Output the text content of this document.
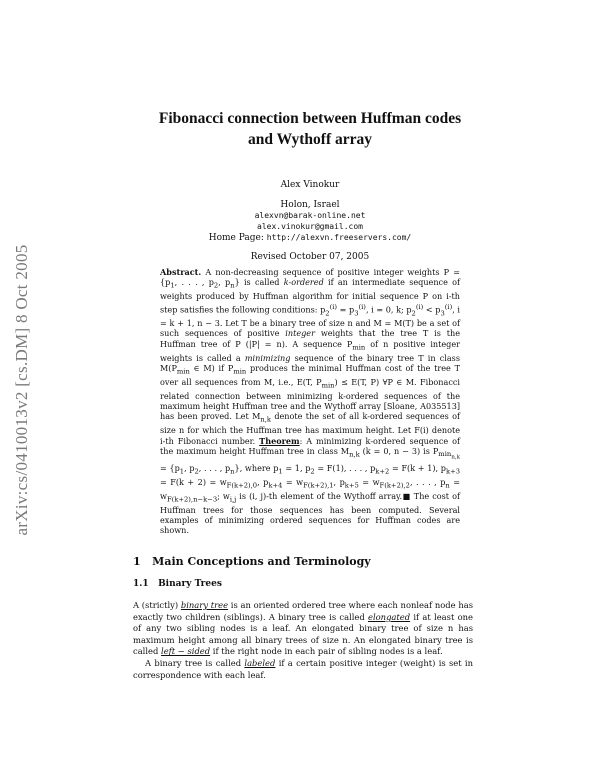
arXiv:cs/0410013v2 [cs.DM] 8 Oct 2005
Fibonacci connection between Huffman codes
and Wythoff array
Alex Vinokur
Holon, Israel
alexvn@barak-online.net
alex.vinokur@gmail.com
Home Page: http://alexvn.freeservers.com/
Revised October 07, 2005
Abstract. A non-decreasing sequence of positive integer weights $P = \{p_1$, . . . , $p_2$, $p_n$} is called k-ordered if an intermediate sequence of weights produced by Huffman algorithm for initial sequence P on i-th step satisfies the following conditions: $p_2^{(i)} = p_3^{(i)}$, i = 0, k; $p_2^{(i)} < p_3^{(i)}$, i = k + 1, n − 3. Let T be a binary tree of size n and M = M(T) be a set of such sequences of positive integer weights that the tree T is the Huffman tree of P (|P| = n). A sequence $P_{min}$ of n positive integer weights is called a minimizing sequence of the binary tree T in class $M(P_{min}$ ∈ M) if $P_{min}$ produces the minimal Huffman cost of the tree T over all sequences from M, i.e., E(T, $P_{min}) \le E(T$, P) ∀P ∈ M. Fibonacci related connection between minimizing k-ordered sequences of the maximum height Huffman tree and the Wythoff array [Sloane, A035513] has been proved. Let $M_{n,k}$ denote the set of all k-ordered sequences of size n for which the Huffman tree has maximum height. Let F(i) denote i-th Fibonacci number. Theorem: A minimizing k-ordered sequence of the maximum height Huffman tree in class $M_{n,k}$ (k = 0, n − 3) is $P_{min_{n,k}} = \{p_1$, $p_2$, . . . , $p_n$}, where $p_1 = 1$, $p_2 = F(1)$, . . . , $p_{k+2} = F(k + 1)$, $p_{k+3} = F(k + 2) = w_{F(k+2),0}$, $p_{k+4} = w_{F(k+2),1}$, $p_{k+5} = w_{F(k+2),2}$, . . . , $p_n = w_{F(k+2),n-k-3}$; $w_{i,j}$ is (i, j)-th element of the Wythoff array.■ The cost of Huffman trees for those sequences has been computed. Several examples of minimizing ordered sequences for Huffman codes are shown.
1 Main Conceptions and Terminology
1.1 Binary Trees

A (strictly) binary tree is an oriented ordered tree where each nonleaf node has exactly two children (siblings). A binary tree is called elongated if at least one of any two sibling nodes is a leaf. An elongated binary tree of size n has maximum height among all binary trees of size n. An elongated binary tree is called left − sided if the right node in each pair of sibling nodes is a leaf.

A binary tree is called labeled if a certain positive integer (weight) is set in correspondence with each leaf.
